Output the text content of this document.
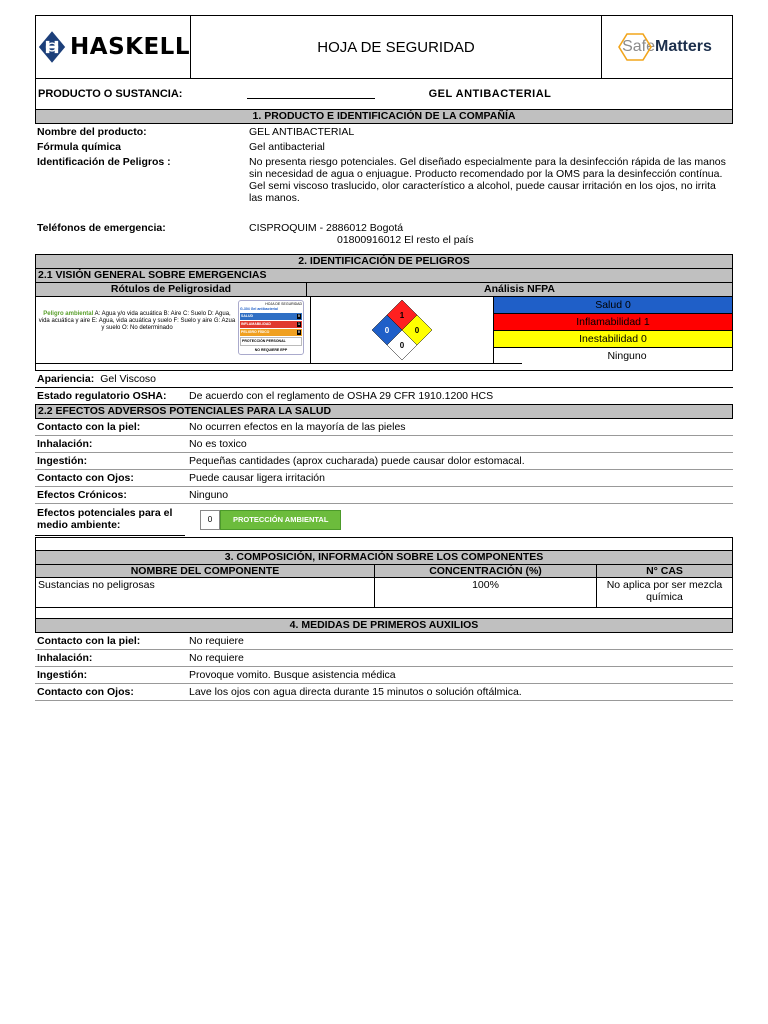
HASKELL	HOJA DE SEGURIDAD	Safe Matters
PRODUCTO O SUSTANCIA:	GEL ANTIBACTERIAL
1. PRODUCTO E IDENTIFICACIÓN DE LA COMPAÑÍA
Nombre del producto:	GEL ANTIBACTERIAL
Fórmula química	Gel antibacterial
Identificación de Peligros :	No presenta riesgo potenciales. Gel diseñado especialmente para la desinfección rápida de las manos sin necesidad de agua o enjuague. Producto recomendado por la OMS para la desinfección contínua. Gel semi viscoso traslucido, olor característico a alcohol, puede causar irritación en los ojos, no irrita las manos.
Teléfonos de emergencia:	CISPROQUIM - 2886012 Bogotá
01800916012 El resto el país
2. IDENTIFICACIÓN DE PELIGROS
2.1 VISIÓN GENERAL SOBRE EMERGENCIAS
Rótulos de Peligrosidad	Análisis NFPA
Peligro ambiental A: Agua y/o vida acuática B: Aire C: Suelo D: Agua, vida acuática y aire E: Agua, vida acuática y suelo F: Suelo y aire G: Azua y suelo O: No determinado
HOJA DE SEGURIDAD
G-304 Gel antibacterial
SALUD	0
INFLAMABILIDAD	1
PELIGRO FÍSICO	0
PROTECCIÓN PERSONAL
NO REQUIERE EPP
1
0	0
0
Salud 0
Inflamabilidad 1
Inestabilidad 0
Ninguno
Apariencia: Gel Viscoso
Estado regulatorio OSHA:	De acuerdo con el reglamento de OSHA 29 CFR 1910.1200 HCS
2.2 EFECTOS ADVERSOS POTENCIALES PARA LA SALUD
Contacto con la piel:	No ocurren efectos en la mayoría de las pieles
Inhalación:	No es toxico
Ingestión:	Pequeñas cantidades (aprox cucharada) puede causar dolor estomacal.
Contacto con Ojos:	Puede causar ligera irritación
Efectos Crónicos:	Ninguno
Efectos potenciales para el medio ambiente:	0	PROTECCIÓN AMBIENTAL
3. COMPOSICIÓN, INFORMACIÓN SOBRE LOS COMPONENTES
NOMBRE DEL COMPONENTE	CONCENTRACIÓN (%)	N° CAS
Sustancias no peligrosas	100%	No aplica por ser mezcla química
4. MEDIDAS DE PRIMEROS AUXILIOS
Contacto con la piel:	No requiere
Inhalación:	No requiere
Ingestión:	Provoque vomito. Busque asistencia médica
Contacto con Ojos:	Lave los ojos con agua directa durante 15 minutos o solución oftálmica.
